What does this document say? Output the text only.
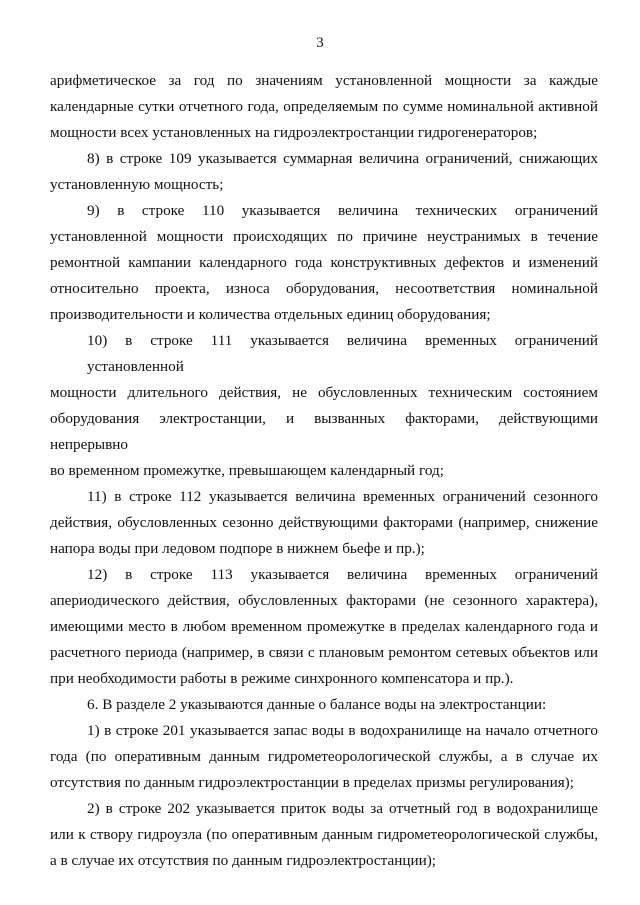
3
арифметическое за год по значениям установленной мощности за каждые
календарные сутки отчетного года, определяемым по сумме номинальной активной
мощности всех установленных на гидроэлектростанции гидрогенераторов;
8) в строке 109 указывается суммарная величина ограничений, снижающих
установленную мощность;
9) в строке 110 указывается величина технических ограничений
установленной мощности происходящих по причине неустранимых в течение
ремонтной кампании календарного года конструктивных дефектов и изменений
относительно проекта, износа оборудования, несоответствия номинальной
производительности и количества отдельных единиц оборудования;
10) в строке 111 указывается величина временных ограничений установленной
мощности длительного действия, не обусловленных техническим состоянием
оборудования электростанции, и вызванных факторами, действующими непрерывно
во временном промежутке, превышающем календарный год;
11) в строке 112 указывается величина временных ограничений сезонного
действия, обусловленных сезонно действующими факторами (например, снижение
напора воды при ледовом подпоре в нижнем бьефе и пр.);
12) в строке 113 указывается величина временных ограничений
апериодического действия, обусловленных факторами (не сезонного характера),
имеющими место в любом временном промежутке в пределах календарного года и
расчетного периода (например, в связи с плановым ремонтом сетевых объектов или
при необходимости работы в режиме синхронного компенсатора и пр.).
6. В разделе 2 указываются данные о балансе воды на электростанции:
1) в строке 201 указывается запас воды в водохранилище на начало отчетного
года (по оперативным данным гидрометеорологической службы, а в случае их
отсутствия по данным гидроэлектростанции в пределах призмы регулирования);
2) в строке 202 указывается приток воды за отчетный год в водохранилище
или к створу гидроузла (по оперативным данным гидрометеорологической службы,
а в случае их отсутствия по данным гидроэлектростанции);
